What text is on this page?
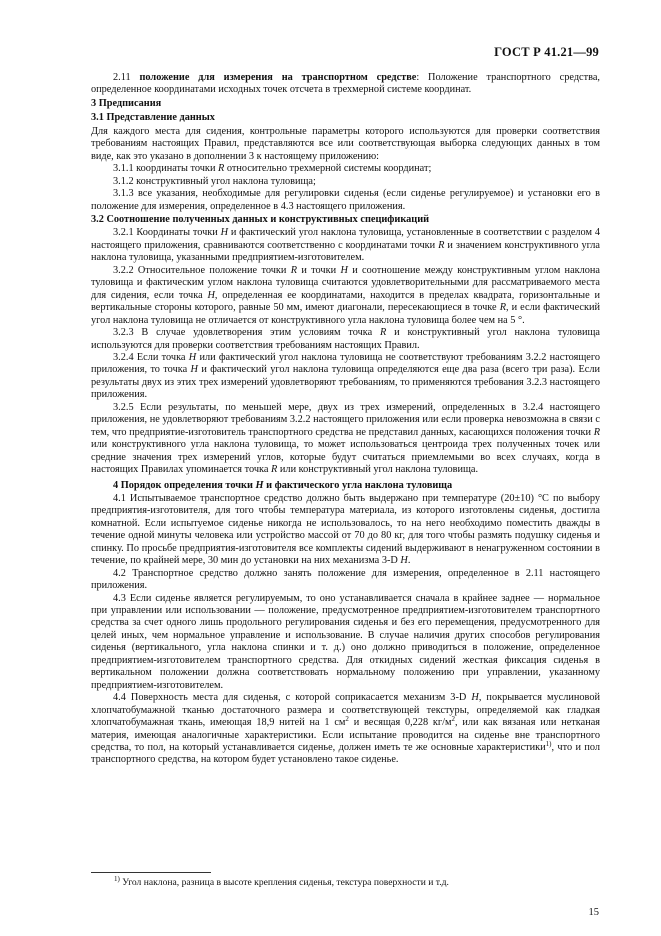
ГОСТ Р 41.21—99

2.11 положение для измерения на транспортном средстве: Положение транспортного средства, определенное координатами исходных точек отсчета в трехмерной системе координат.

3 Предписания

3.1 Представление данных

Для каждого места для сидения, контрольные параметры которого используются для проверки соответствия требованиям настоящих Правил, представляются все или соответствующая выборка следующих данных в том виде, как это указано в дополнении 3 к настоящему приложению:

3.1.1 координаты точки R относительно трехмерной системы координат;

3.1.2 конструктивный угол наклона туловища;

3.1.3 все указания, необходимые для регулировки сиденья (если сиденье регулируемое) и установки его в положение для измерения, определенное в 4.3 настоящего приложения.

3.2 Соотношение полученных данных и конструктивных спецификаций

3.2.1 Координаты точки H и фактический угол наклона туловища, установленные в соответствии с разделом 4 настоящего приложения, сравниваются соответственно с координатами точки R и значением конструктивного угла наклона туловища, указанными предприятием-изготовителем.

3.2.2 Относительное положение точки R и точки H и соотношение между конструктивным углом наклона туловища и фактическим углом наклона туловища считаются удовлетворительными для рассматриваемого места для сидения, если точка H, определенная ее координатами, находится в пределах квадрата, горизонтальные и вертикальные стороны которого, равные 50 мм, имеют диагонали, пересекающиеся в точке R, и если фактический угол наклона туловища не отличается от конструктивного угла наклона туловища более чем на 5 °.

3.2.3 В случае удовлетворения этим условиям точка R и конструктивный угол наклона туловища используются для проверки соответствия требованиям настоящих Правил.

3.2.4 Если точка H или фактический угол наклона туловища не соответствуют требованиям 3.2.2 настоящего приложения, то точка H и фактический угол наклона туловища определяются еще два раза (всего три раза). Если результаты двух из этих трех измерений удовлетворяют требованиям, то применяются требования 3.2.3 настоящего приложения.

3.2.5 Если результаты, по меньшей мере, двух из трех измерений, определенных в 3.2.4 настоящего приложения, не удовлетворяют требованиям 3.2.2 настоящего приложения или если проверка невозможна в связи с тем, что предприятие-изготовитель транспортного средства не представил данных, касающихся положения точки R или конструктивного угла наклона туловища, то может использоваться центроида трех полученных точек или средние значения трех измерений углов, которые будут считаться приемлемыми во всех случаях, когда в настоящих Правилах упоминается точка R или конструктивный угол наклона туловища.

4 Порядок определения точки H и фактического угла наклона туловища

4.1 Испытываемое транспортное средство должно быть выдержано при температуре (20±10) °С по выбору предприятия-изготовителя, для того чтобы температура материала, из которого изготовлены сиденья, достигла комнатной. Если испытуемое сиденье никогда не использовалось, то на него необходимо поместить дважды в течение одной минуты человека или устройство массой от 70 до 80 кг, для того чтобы размять подушку сиденья и спинку. По просьбе предприятия-изготовителя все комплекты сидений выдерживают в ненагруженном состоянии в течение, по крайней мере, 30 мин до установки на них механизма 3-D H.

4.2 Транспортное средство должно занять положение для измерения, определенное в 2.11 настоящего приложения.

4.3 Если сиденье является регулируемым, то оно устанавливается сначала в крайнее заднее — нормальное при управлении или использовании — положение, предусмотренное предприятием-изготовителем транспортного средства за счет одного лишь продольного регулирования сиденья и без его перемещения, предусмотренного для целей иных, чем нормальное управление и использование. В случае наличия других способов регулирования сиденья (вертикального, угла наклона спинки и т. д.) оно должно приводиться в положение, определенное предприятием-изготовителем транспортного средства. Для откидных сидений жесткая фиксация сиденья в вертикальном положении должна соответствовать нормальному положению при управлении, указанному предприятием-изготовителем.

4.4 Поверхность места для сиденья, с которой соприкасается механизм 3-D H, покрывается муслиновой хлопчатобумажной тканью достаточного размера и соответствующей текстуры, определяемой как гладкая хлопчатобумажная ткань, имеющая 18,9 нитей на 1 $см^2$ и весящая 0,228 $кг/м^2$, или как вязаная или нетканая материя, имеющая аналогичные характеристики. Если испытание проводится на сиденье вне транспортного средства, то пол, на который устанавливается сиденье, должен иметь те же основные характеристики$^{1)}$, что и пол транспортного средства, на котором будет установлено такое сиденье.

$^{1)}$ Угол наклона, разница в высоте крепления сиденья, текстура поверхности и т.д.
15
